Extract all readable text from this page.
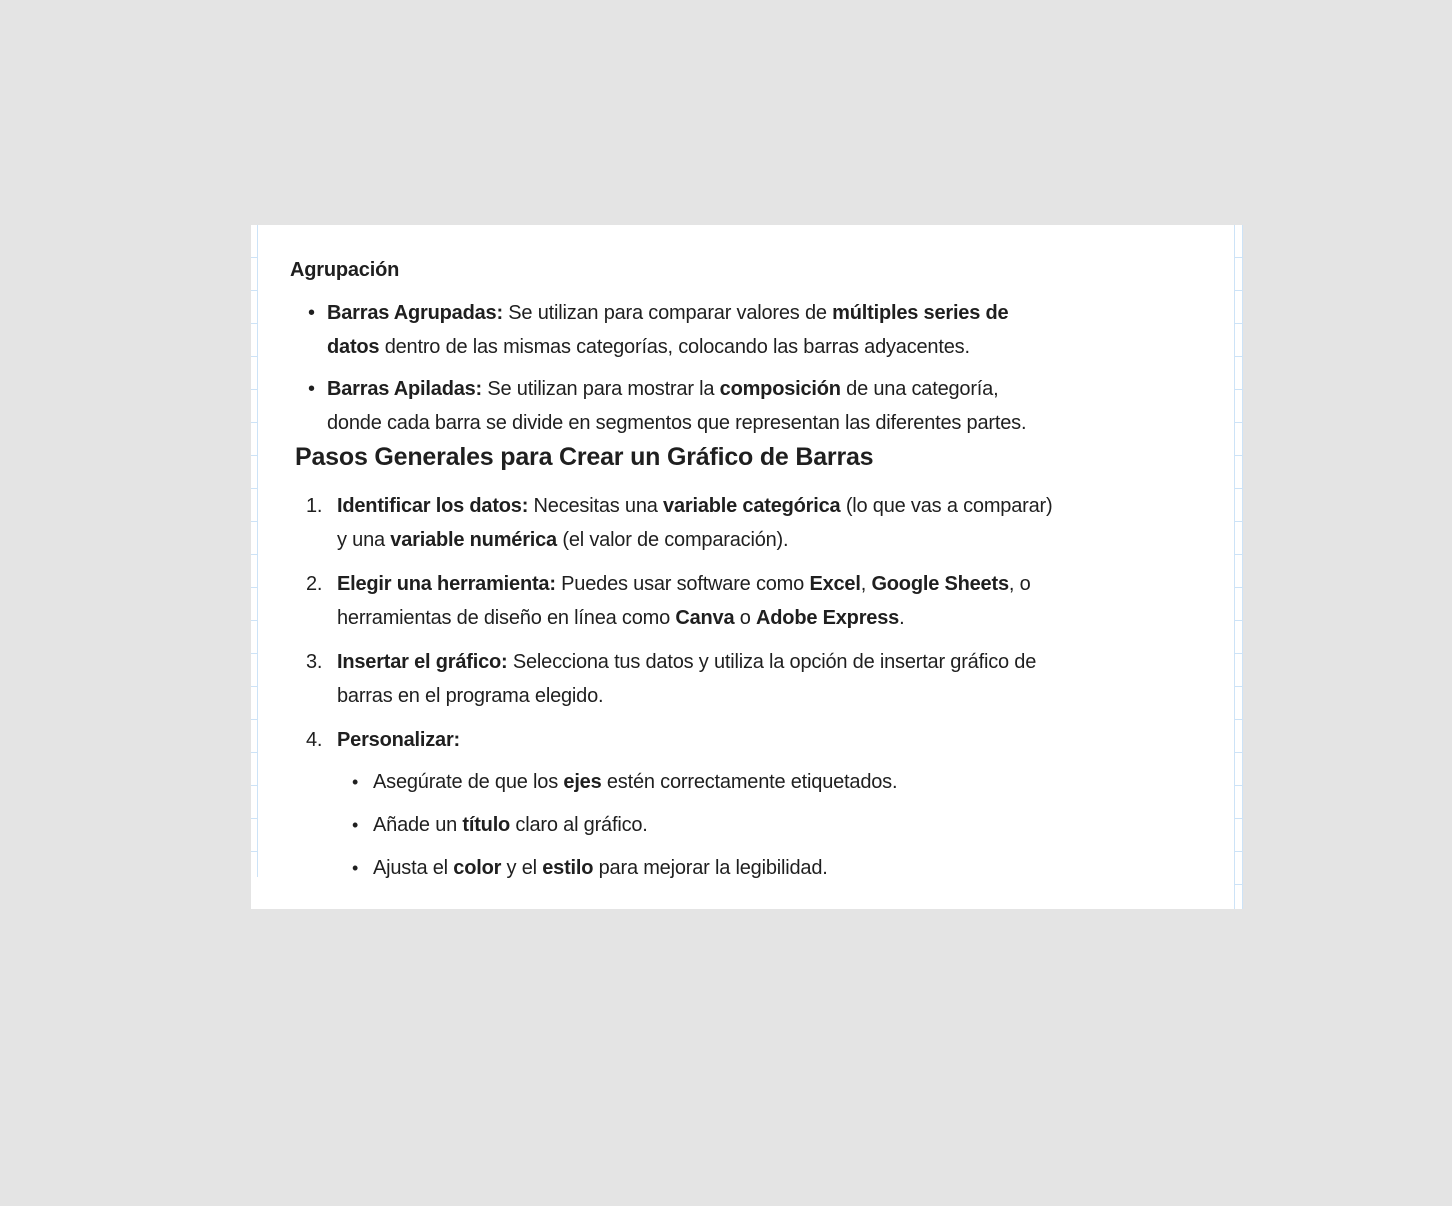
Agrupación
• Barras Agrupadas: Se utilizan para comparar valores de múltiples series de
datos dentro de las mismas categorías, colocando las barras adyacentes.
• Barras Apiladas: Se utilizan para mostrar la composición de una categoría,
donde cada barra se divide en segmentos que representan las diferentes partes.
Pasos Generales para Crear un Gráfico de Barras
1. Identificar los datos: Necesitas una variable categórica (lo que vas a comparar)
y una variable numérica (el valor de comparación).
2. Elegir una herramienta: Puedes usar software como Excel, Google Sheets, o
herramientas de diseño en línea como Canva o Adobe Express.
3. Insertar el gráfico: Selecciona tus datos y utiliza la opción de insertar gráfico de
barras en el programa elegido.
4. Personalizar:
• Asegúrate de que los ejes estén correctamente etiquetados.
• Añade un título claro al gráfico.
• Ajusta el color y el estilo para mejorar la legibilidad.
